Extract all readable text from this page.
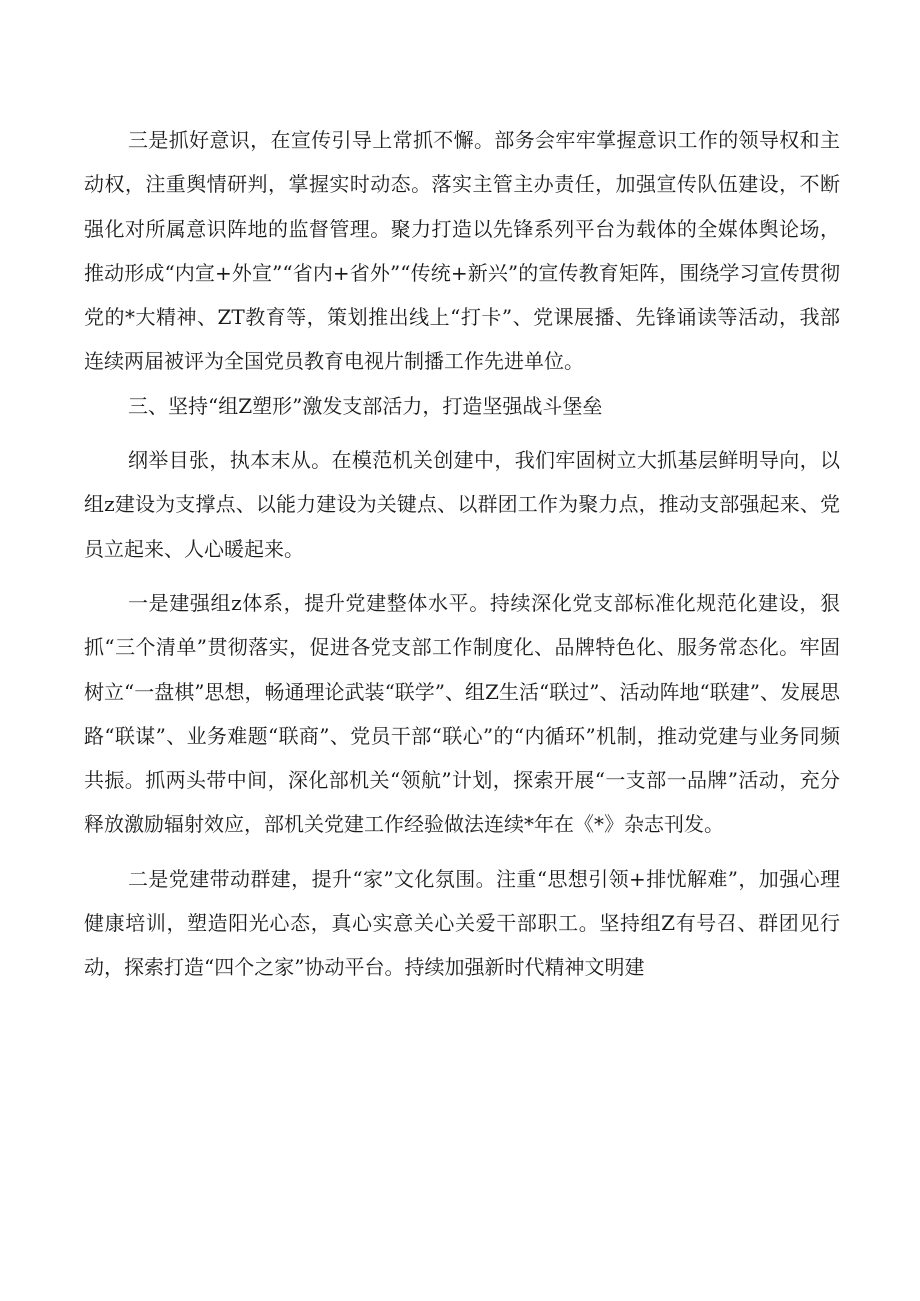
三是抓好意识，在宣传引导上常抓不懈。部务会牢牢掌握意识工作的领导权和主动权，注重舆情研判，掌握实时动态。落实主管主办责任，加强宣传队伍建设，不断强化对所属意识阵地的监督管理。聚力打造以先锋系列平台为载体的全媒体舆论场，推动形成“内宣+外宣”“省内+省外”“传统+新兴”的宣传教育矩阵，围绕学习宣传贯彻党的*大精神、ZT教育等，策划推出线上“打卡”、党课展播、先锋诵读等活动，我部连续两届被评为全国党员教育电视片制播工作先进单位。

三、坚持“组Z塑形”激发支部活力，打造坚强战斗堡垒

纲举目张，执本末从。在模范机关创建中，我们牢固树立大抓基层鲜明导向，以组z建设为支撑点、以能力建设为关键点、以群团工作为聚力点，推动支部强起来、党员立起来、人心暖起来。

一是建强组z体系，提升党建整体水平。持续深化党支部标准化规范化建设，狠抓“三个清单”贯彻落实，促进各党支部工作制度化、品牌特色化、服务常态化。牢固树立“一盘棋”思想，畅通理论武装“联学”、组Z生活“联过”、活动阵地“联建”、发展思路“联谋”、业务难题“联商”、党员干部“联心”的“内循环”机制，推动党建与业务同频共振。抓两头带中间，深化部机关“领航”计划，探索开展“一支部一品牌”活动，充分释放激励辐射效应，部机关党建工作经验做法连续*年在《*》杂志刊发。

二是党建带动群建，提升“家”文化氛围。注重“思想引领+排忧解难”，加强心理健康培训，塑造阳光心态，真心实意关心关爱干部职工。坚持组Z有号召、群团见行动，探索打造“四个之家”协动平台。持续加强新时代精神文明建
